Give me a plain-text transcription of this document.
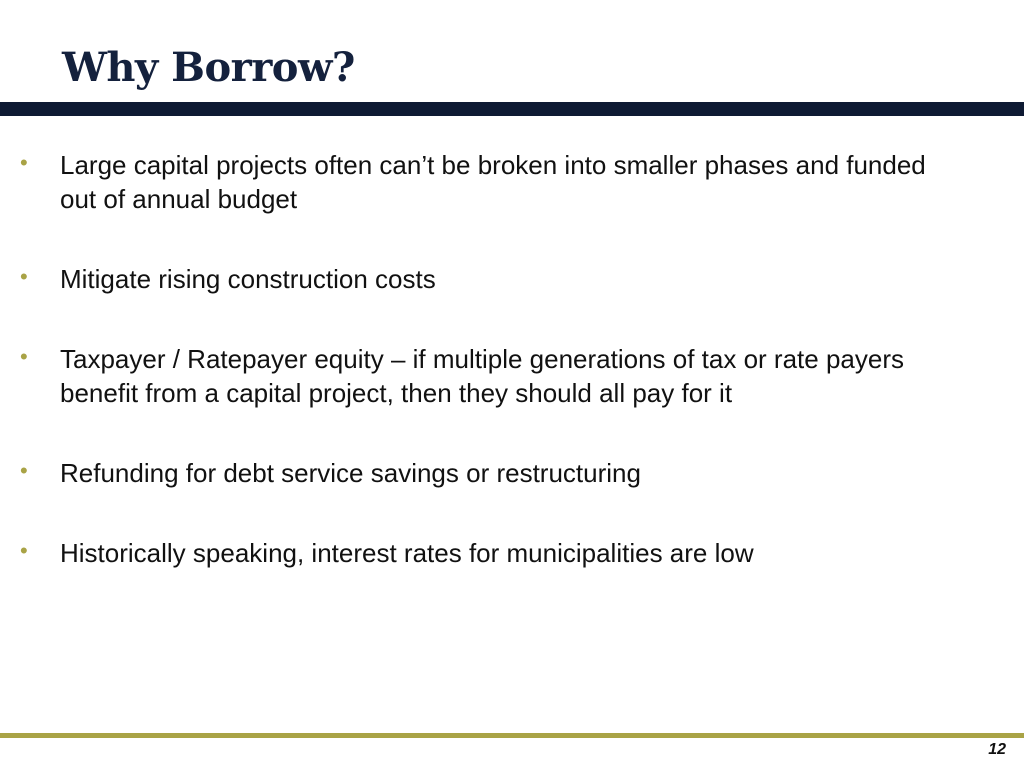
Why Borrow?
• Large capital projects often can’t be broken into smaller phases and funded out of annual budget
• Mitigate rising construction costs
• Taxpayer / Ratepayer equity – if multiple generations of tax or rate payers benefit from a capital project, then they should all pay for it
• Refunding for debt service savings or restructuring
• Historically speaking, interest rates for municipalities are low
12
